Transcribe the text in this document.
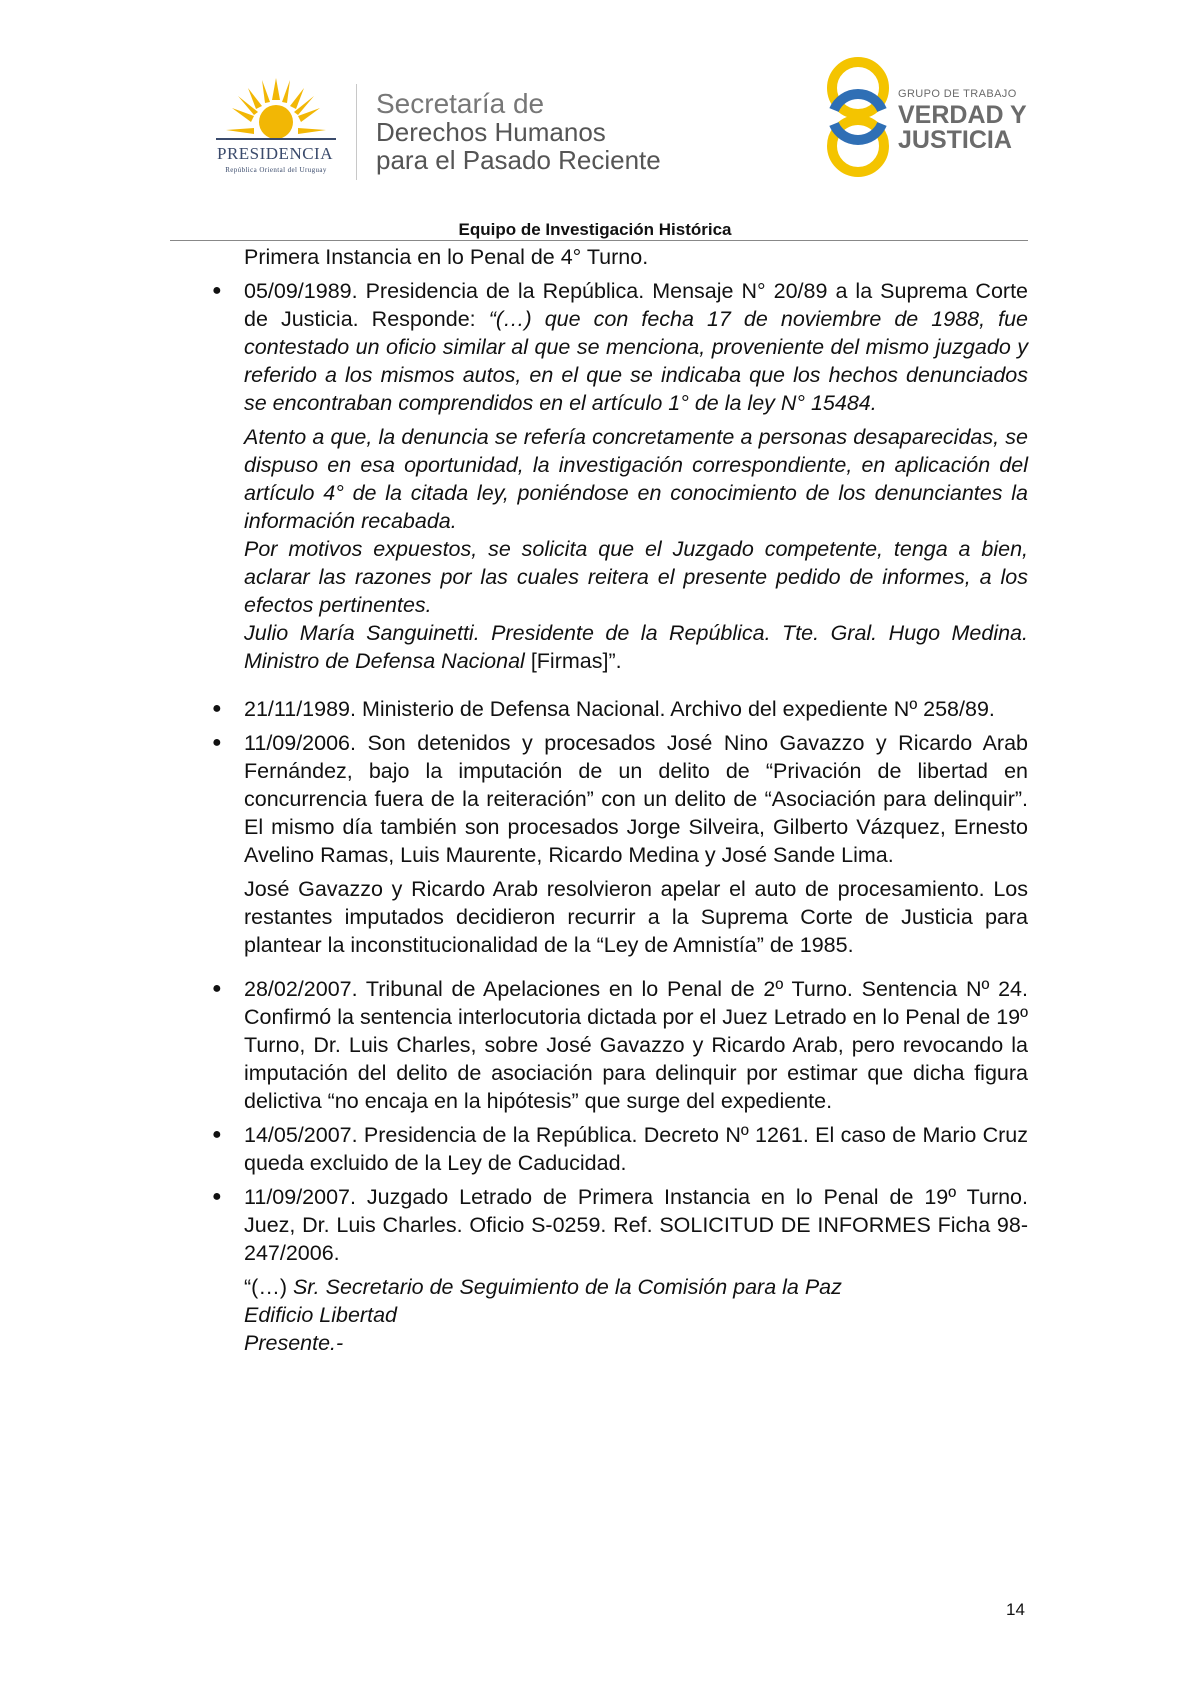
PRESIDENCIA
República Oriental del Uruguay
Secretaría de
Derechos Humanos
para el Pasado Reciente
GRUPO DE TRABAJO
VERDAD Y
JUSTICIA
Equipo de Investigación Histórica

Primera Instancia en lo Penal de 4° Turno.

● 05/09/1989. Presidencia de la República. Mensaje N° 20/89 a la Suprema Corte de Justicia. Responde: “(…) que con fecha 17 de noviembre de 1988, fue contestado un oficio similar al que se menciona, proveniente del mismo juzgado y referido a los mismos autos, en el que se indicaba que los hechos denunciados se encontraban comprendidos en el artículo 1° de la ley N° 15484.

Atento a que, la denuncia se refería concretamente a personas desaparecidas, se dispuso en esa oportunidad, la investigación correspondiente, en aplicación del artículo 4° de la citada ley, poniéndose en conocimiento de los denunciantes la información recabada.

Por motivos expuestos, se solicita que el Juzgado competente, tenga a bien, aclarar las razones por las cuales reitera el presente pedido de informes, a los efectos pertinentes.

Julio María Sanguinetti. Presidente de la República. Tte. Gral. Hugo Medina. Ministro de Defensa Nacional [Firmas]”.

● 21/11/1989. Ministerio de Defensa Nacional. Archivo del expediente Nº 258/89.

● 11/09/2006. Son detenidos y procesados José Nino Gavazzo y Ricardo Arab Fernández, bajo la imputación de un delito de “Privación de libertad en concurrencia fuera de la reiteración” con un delito de “Asociación para delinquir”. El mismo día también son procesados Jorge Silveira, Gilberto Vázquez, Ernesto Avelino Ramas, Luis Maurente, Ricardo Medina y José Sande Lima.

José Gavazzo y Ricardo Arab resolvieron apelar el auto de procesamiento. Los restantes imputados decidieron recurrir a la Suprema Corte de Justicia para plantear la inconstitucionalidad de la “Ley de Amnistía” de 1985.

● 28/02/2007. Tribunal de Apelaciones en lo Penal de 2º Turno. Sentencia Nº 24. Confirmó la sentencia interlocutoria dictada por el Juez Letrado en lo Penal de 19º Turno, Dr. Luis Charles, sobre José Gavazzo y Ricardo Arab, pero revocando la imputación del delito de asociación para delinquir por estimar que dicha figura delictiva “no encaja en la hipótesis” que surge del expediente.

● 14/05/2007. Presidencia de la República. Decreto Nº 1261. El caso de Mario Cruz queda excluido de la Ley de Caducidad.

● 11/09/2007. Juzgado Letrado de Primera Instancia en lo Penal de 19º Turno. Juez, Dr. Luis Charles. Oficio S-0259. Ref. SOLICITUD DE INFORMES Ficha 98-247/2006.

“(…) Sr. Secretario de Seguimiento de la Comisión para la Paz

Edificio Libertad

Presente.-

14
